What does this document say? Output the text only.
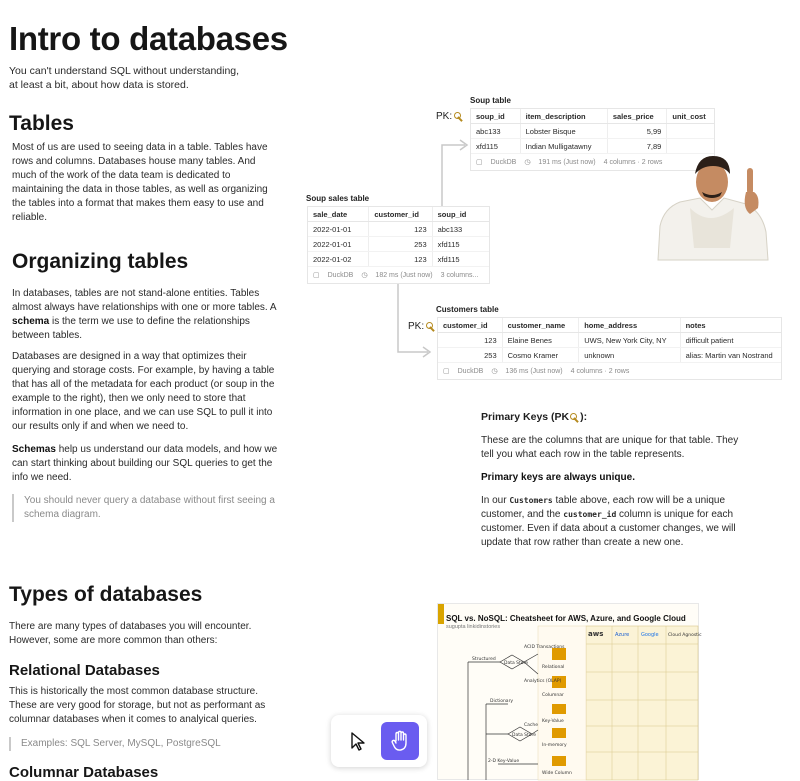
Intro to databases

You can't understand SQL without understanding, at least a bit, about how data is stored.

Tables

Most of us are used to seeing data in a table. Tables have rows and columns. Databases house many tables. And much of the work of the data team is dedicated to maintaining the data in those tables, as well as organizing the tables into a format that makes them easy to use and reliable.

Organizing tables

In databases, tables are not stand-alone entities. Tables almost always have relationships with one or more tables. A schema is the term we use to define the relationships between tables.

Databases are designed in a way that optimizes their querying and storage costs. For example, by having a table that has all of the metadata for each product (or soup in the example to the right), then we only need to store that information in one place, and we can use SQL to pull it into our results only if and when we need to.

Schemas help us understand our data models, and how we can start thinking about building our SQL queries to get the info we need.

You should never query a database without first seeing a schema diagram.
Soup table
PK:	soup_id	item_description	sales_price	unit_cost
abc133	Lobster Bisque	5,99
xfd115	Indian Mulligatawny	7,89
▢ DuckDB ◷ 191 ms (Just now) 4 columns · 2 rows
Soup sales table
sale_date	customer_id	soup_id
2022-01-01	123	abc133
2022-01-01	253	xfd115
2022-01-02	123	xfd115
▢ DuckDB ◷ 182 ms (Just now) 3 columns...
Customers table
PK:	customer_id	customer_name	home_address	notes
123	Elaine Benes	UWS, New York City, NY	difficult patient
253	Cosmo Kramer	unknown	alias: Martin van Nostrand
▢ DuckDB ◷ 136 ms (Just now) 4 columns · 2 rows
Primary Keys (PK ):

These are the columns that are unique for that table. They tell you what each row in the table represents.

Primary keys are always unique.

In our Customers table above, each row will be a unique customer, and the customer_id column is unique for each customer. Even if data about a customer changes, we will update that row rather than create a new one.

Types of databases

There are many types of databases you will encounter. However, some are more common than others:

Relational Databases

This is historically the most common database structure. These are very good for storage, but not as performant as columnar databases when it comes to analyical queries.

Examples: SQL Server, MySQL, PostgreSQL
Columnar Databases
SQL vs. NoSQL: Cheatsheet for AWS, Azure, and Google Cloud
sugupta linkidinstories
aws Azure Google Cloud Agnostic
Relational
Columnar
Key-Value
In-memory
Wide Column
Structured
Data Store
ACID Transactions
Analytics (OLAP)
Dictionary
Data Store
Cache
2-D Key-Value
